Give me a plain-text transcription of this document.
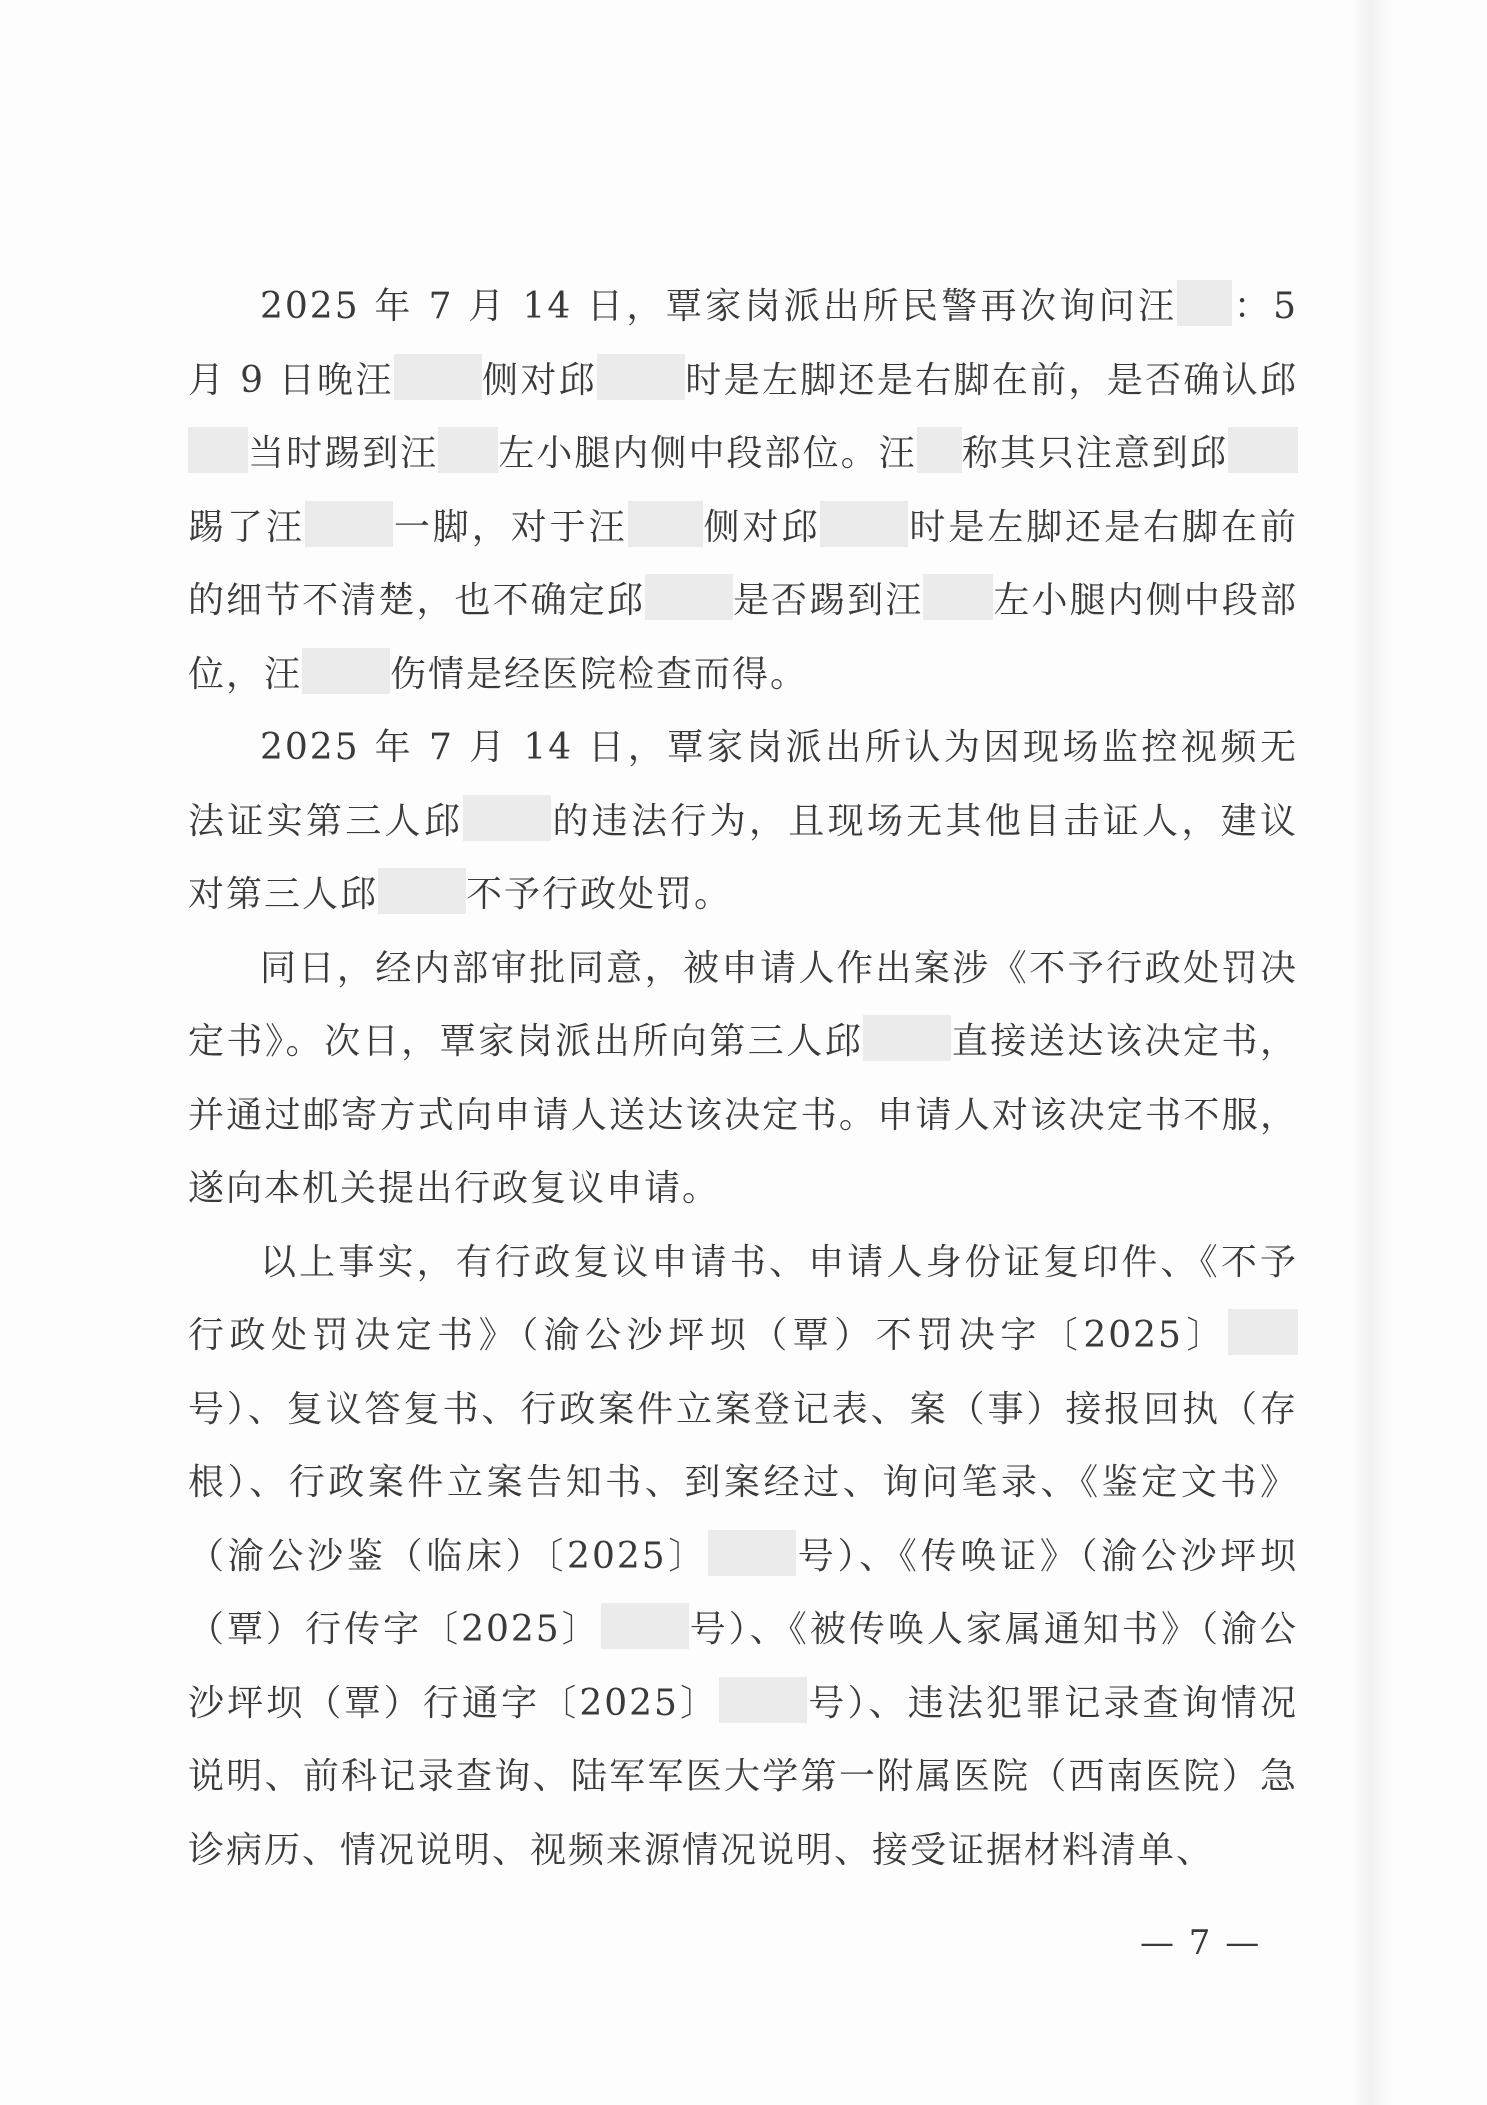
2025 年 7 月 14 日，覃家岗派出所民警再次询问汪 ：5 月 9 日晚汪 侧对邱 时是左脚还是右脚在前，是否确认邱当时踢到汪 左小腿内侧中段部位。汪 称其只注意到邱踢了汪 一脚，对于汪 侧对邱 时是左脚还是右脚在前的细节不清楚，也不确定邱 是否踢到汪 左小腿内侧中段部位，汪 伤情是经医院检查而得。

2025 年 7 月 14 日，覃家岗派出所认为因现场监控视频无法证实第三人邱 的违法行为，且现场无其他目击证人，建议对第三人邱 不予行政处罚。

同日，经内部审批同意，被申请人作出案涉《不予行政处罚决定书》。次日，覃家岗派出所向第三人邱 直接送达该决定书，并通过邮寄方式向申请人送达该决定书。申请人对该决定书不服，遂向本机关提出行政复议申请。

以上事实，有行政复议申请书、申请人身份证复印件、《不予行政处罚决定书》（渝公沙坪坝（覃）不罚决字〔2025〕号）、复议答复书、行政案件立案登记表、案（事）接报回执（存根）、行政案件立案告知书、到案经过、询问笔录、《鉴定文书》（渝公沙鉴（临床）〔2025〕 号）、《传唤证》（渝公沙坪坝（覃）行传字〔2025〕 号）、《被传唤人家属通知书》（渝公沙坪坝（覃）行通字〔2025〕 号）、违法犯罪记录查询情况说明、前科记录查询、陆军军医大学第一附属医院（西南医院）急诊病历、情况说明、视频来源情况说明、接受证据材料清单、

— 7 —
